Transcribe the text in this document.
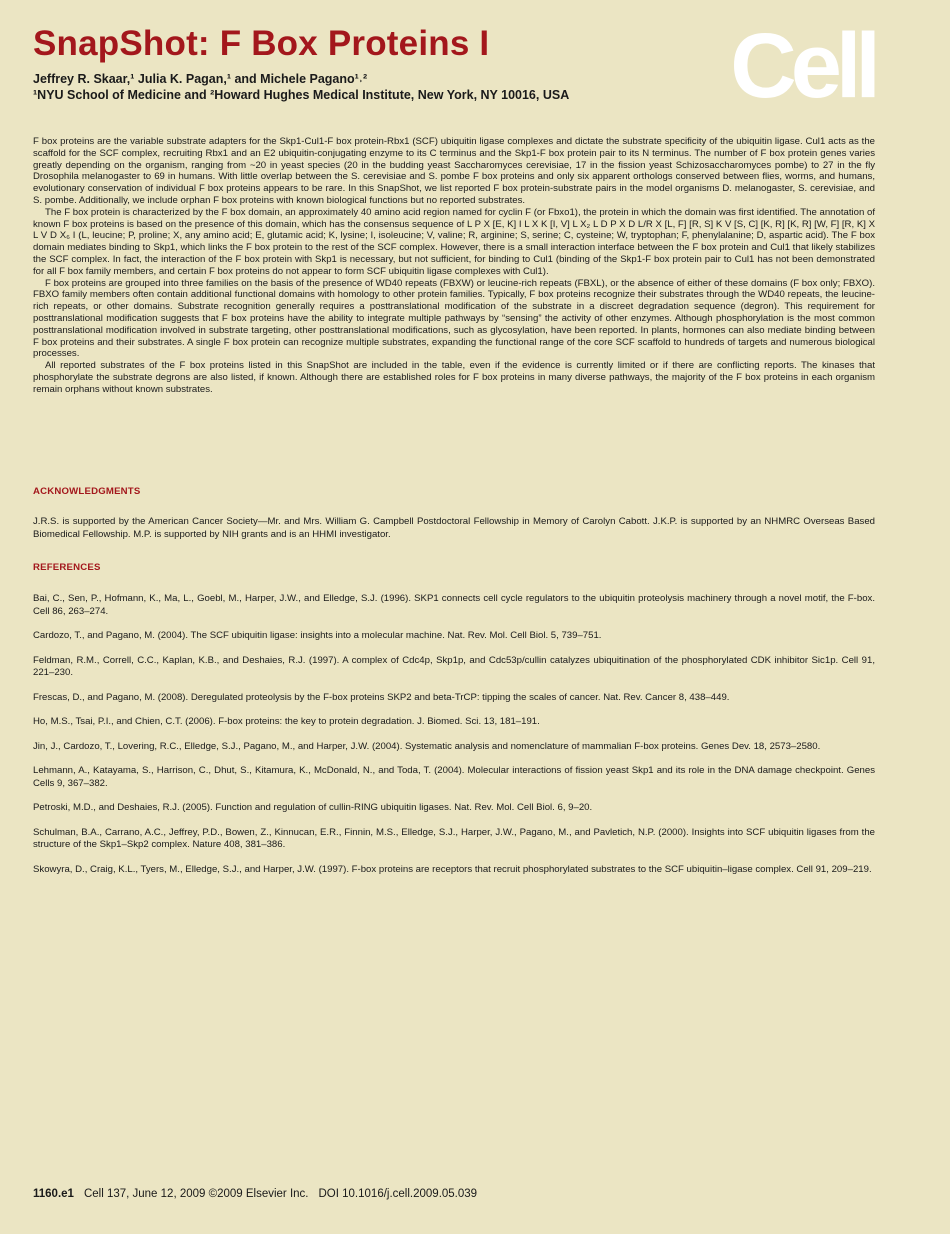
SnapShot: F Box Proteins I
Jeffrey R. Skaar,¹ Julia K. Pagan,¹ and Michele Pagano¹˒²
¹NYU School of Medicine and ²Howard Hughes Medical Institute, New York, NY 10016, USA Cell

F box proteins are the variable substrate adapters for the Skp1-Cul1-F box protein-Rbx1 (SCF) ubiquitin ligase complexes and dictate the substrate specificity of the ubiquitin ligase. Cul1 acts as the scaffold for the SCF complex, recruiting Rbx1 and an E2 ubiquitin-conjugating enzyme to its C terminus and the Skp1-F box protein pair to its N terminus. The number of F box protein genes varies greatly depending on the organism, ranging from ~20 in yeast species (20 in the budding yeast Saccharomyces cerevisiae, 17 in the fission yeast Schizosaccharomyces pombe) to 27 in the fly Drosophila melanogaster to 69 in humans. With little overlap between the S. cerevisiae and S. pombe F box proteins and only six apparent orthologs conserved between flies, worms, and humans, evolutionary conservation of individual F box proteins appears to be rare. In this SnapShot, we list reported F box protein-substrate pairs in the model organisms D. melanogaster, S. cerevisiae, and S. pombe. Additionally, we include orphan F box proteins with known biological functions but no reported substrates.

The F box protein is characterized by the F box domain, an approximately 40 amino acid region named for cyclin F (or Fbxo1), the protein in which the domain was first identified. The annotation of known F box proteins is based on the presence of this domain, which has the consensus sequence of L P X [E, K] I L X K [I, V] L X₂ L D P X D L/R X [L, F] [R, S] K V [S, C] [K, R] [K, R] [W, F] [R, K] X L V D X₆ I (L, leucine; P, proline; X, any amino acid; E, glutamic acid; K, lysine; I, isoleucine; V, valine; R, arginine; S, serine; C, cysteine; W, tryptophan; F, phenylalanine; D, aspartic acid). The F box domain mediates binding to Skp1, which links the F box protein to the rest of the SCF complex. However, there is a small interaction interface between the F box protein and Cul1 that likely stabilizes the SCF complex. In fact, the interaction of the F box protein with Skp1 is necessary, but not sufficient, for binding to Cul1 (binding of the Skp1-F box protein pair to Cul1 has not been demonstrated for all F box family members, and certain F box proteins do not appear to form SCF ubiquitin ligase complexes with Cul1).

F box proteins are grouped into three families on the basis of the presence of WD40 repeats (FBXW) or leucine-rich repeats (FBXL), or the absence of either of these domains (F box only; FBXO). FBXO family members often contain additional functional domains with homology to other protein families. Typically, F box proteins recognize their substrates through the WD40 repeats, the leucine-rich repeats, or other domains. Substrate recognition generally requires a posttranslational modification of the substrate in a discreet degradation sequence (degron). This requirement for posttranslational modification suggests that F box proteins have the ability to integrate multiple pathways by “sensing” the activity of other enzymes. Although phosphorylation is the most common posttranslational modification involved in substrate targeting, other posttranslational modifications, such as glycosylation, have been reported. In plants, hormones can also mediate binding between F box proteins and their substrates. A single F box protein can recognize multiple substrates, expanding the functional range of the core SCF scaffold to hundreds of targets and numerous biological processes.

All reported substrates of the F box proteins listed in this SnapShot are included in the table, even if the evidence is currently limited or if there are conflicting reports. The kinases that phosphorylate the substrate degrons are also listed, if known. Although there are established roles for F box proteins in many diverse pathways, the majority of the F box proteins in each organism remain orphans without known substrates.

ACKNOWLEDGMENTS
J.R.S. is supported by the American Cancer Society—Mr. and Mrs. William G. Campbell Postdoctoral Fellowship in Memory of Carolyn Cabott. J.K.P. is supported by an NHMRC Overseas Based Biomedical Fellowship. M.P. is supported by NIH grants and is an HHMI investigator.
REFERENCES

Bai, C., Sen, P., Hofmann, K., Ma, L., Goebl, M., Harper, J.W., and Elledge, S.J. (1996). SKP1 connects cell cycle regulators to the ubiquitin proteolysis machinery through a novel motif, the F-box. Cell 86, 263–274.

Cardozo, T., and Pagano, M. (2004). The SCF ubiquitin ligase: insights into a molecular machine. Nat. Rev. Mol. Cell Biol. 5, 739–751.

Feldman, R.M., Correll, C.C., Kaplan, K.B., and Deshaies, R.J. (1997). A complex of Cdc4p, Skp1p, and Cdc53p/cullin catalyzes ubiquitination of the phosphorylated CDK inhibitor Sic1p. Cell 91, 221–230.

Frescas, D., and Pagano, M. (2008). Deregulated proteolysis by the F-box proteins SKP2 and beta-TrCP: tipping the scales of cancer. Nat. Rev. Cancer 8, 438–449.

Ho, M.S., Tsai, P.I., and Chien, C.T. (2006). F-box proteins: the key to protein degradation. J. Biomed. Sci. 13, 181–191.

Jin, J., Cardozo, T., Lovering, R.C., Elledge, S.J., Pagano, M., and Harper, J.W. (2004). Systematic analysis and nomenclature of mammalian F-box proteins. Genes Dev. 18, 2573–2580.

Lehmann, A., Katayama, S., Harrison, C., Dhut, S., Kitamura, K., McDonald, N., and Toda, T. (2004). Molecular interactions of fission yeast Skp1 and its role in the DNA damage checkpoint. Genes Cells 9, 367–382.

Petroski, M.D., and Deshaies, R.J. (2005). Function and regulation of cullin-RING ubiquitin ligases. Nat. Rev. Mol. Cell Biol. 6, 9–20.

Schulman, B.A., Carrano, A.C., Jeffrey, P.D., Bowen, Z., Kinnucan, E.R., Finnin, M.S., Elledge, S.J., Harper, J.W., Pagano, M., and Pavletich, N.P. (2000). Insights into SCF ubiquitin ligases from the structure of the Skp1–Skp2 complex. Nature 408, 381–386.

Skowyra, D., Craig, K.L., Tyers, M., Elledge, S.J., and Harper, J.W. (1997). F-box proteins are receptors that recruit phosphorylated substrates to the SCF ubiquitin–ligase complex. Cell 91, 209–219.

1160.e1 Cell 137, June 12, 2009 ©2009 Elsevier Inc. DOI 10.1016/j.cell.2009.05.039
